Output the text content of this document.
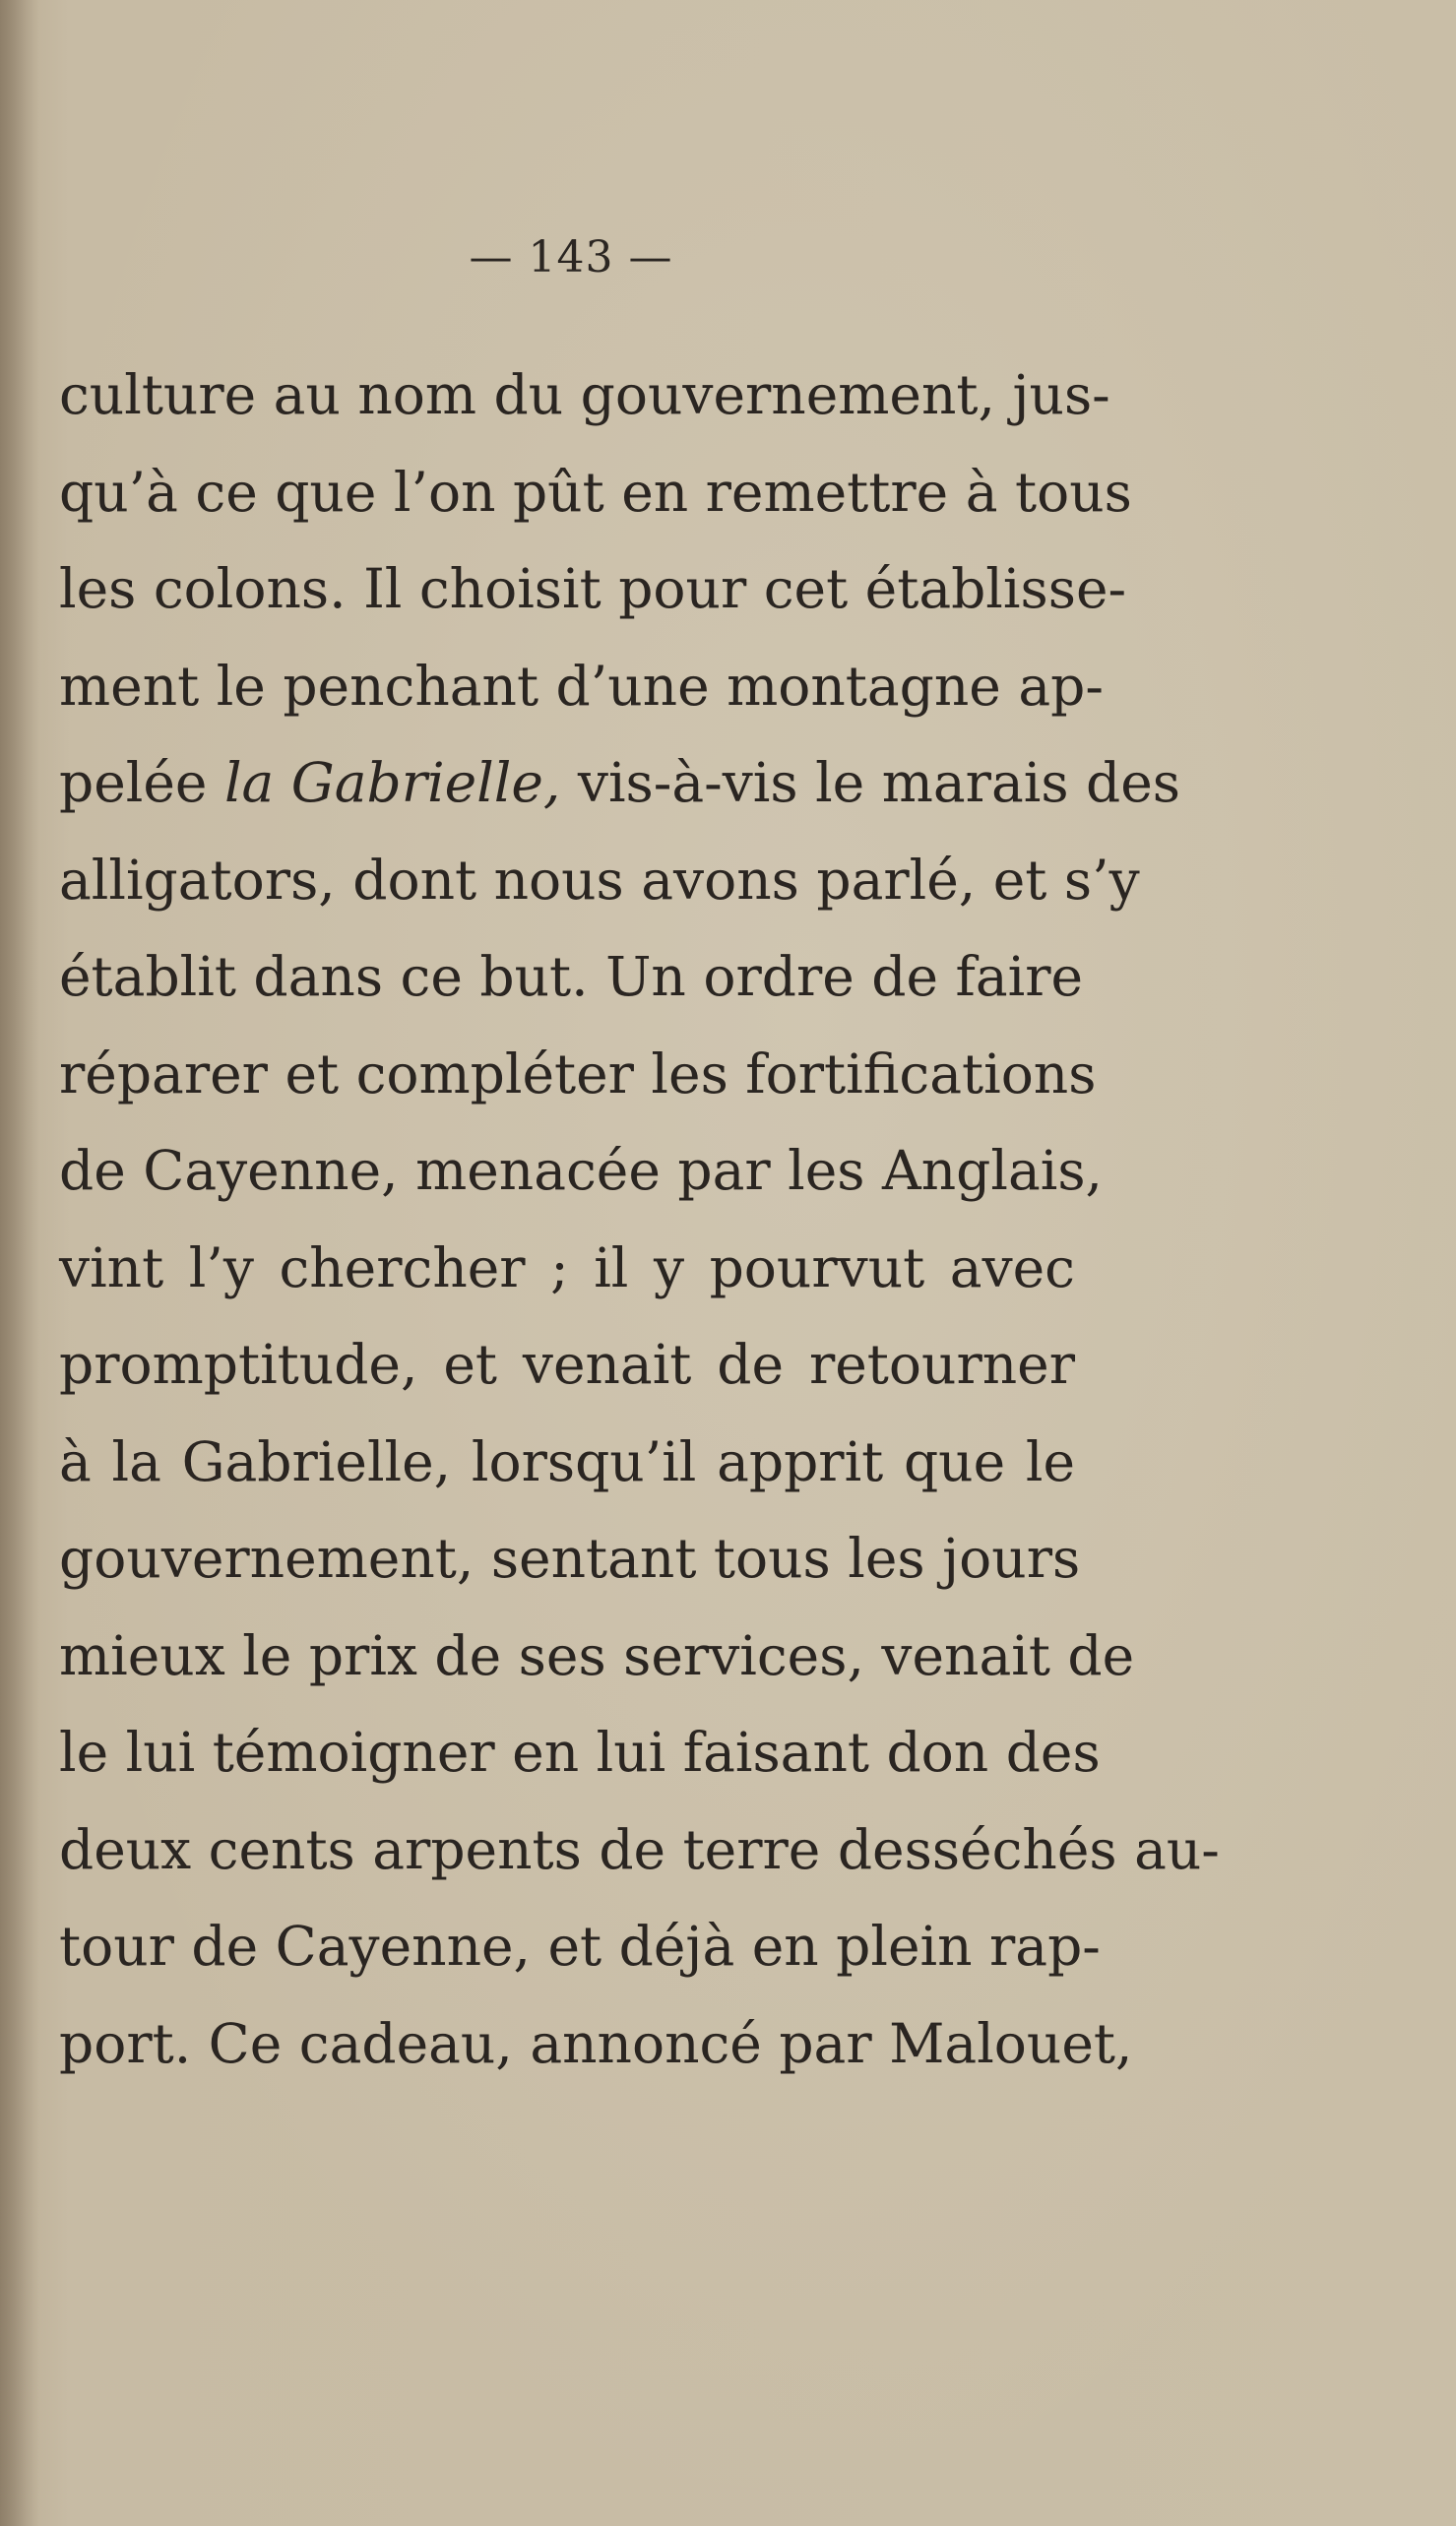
— 143 —
culture au nom du gouvernement, jus-
qu’à ce que l’on pût en remettre à tous
les colons. Il choisit pour cet établisse-
ment le penchant d’une montagne ap-
pelée la Gabrielle, vis-à-vis le marais des
alligators, dont nous avons parlé, et s’y
établit dans ce but. Un ordre de faire
réparer et compléter les fortifications
de Cayenne, menacée par les Anglais,
vint l’y chercher ; il y pourvut avec
promptitude, et venait de retourner
à la Gabrielle, lorsqu’il apprit que le
gouvernement, sentant tous les jours
mieux le prix de ses services, venait de
le lui témoigner en lui faisant don des
deux cents arpents de terre desséchés au-
tour de Cayenne, et déjà en plein rap-
port. Ce cadeau, annoncé par Malouet,
